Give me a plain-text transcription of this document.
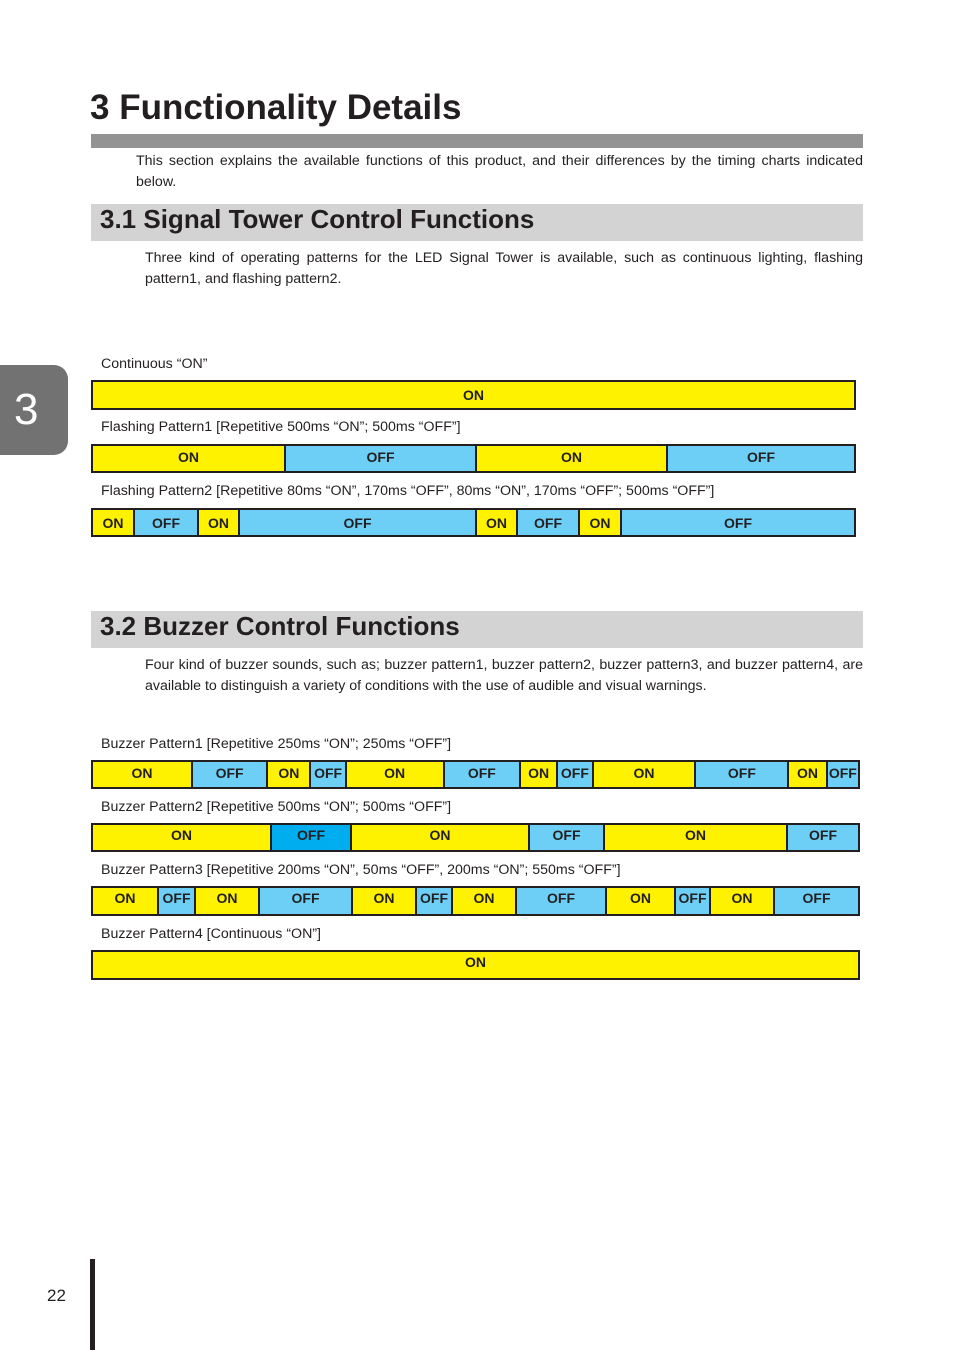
3 Functionality Details
This section explains the available functions of this product, and their differences by the timing charts indicated below.
3.1 Signal Tower Control Functions
Three kind of operating patterns for the LED Signal Tower is available, such as continuous lighting, flashing pattern1, and flashing pattern2.
3
Continuous “ON”
ON
Flashing Pattern1 [Repetitive 500ms “ON”; 500ms “OFF”]
ON	OFF	ON	OFF
Flashing Pattern2 [Repetitive 80ms “ON”, 170ms “OFF”, 80ms “ON”, 170ms “OFF”; 500ms “OFF”]
ON	OFF	ON	OFF	ON	OFF	ON	OFF
3.2 Buzzer Control Functions
Four kind of buzzer sounds, such as; buzzer pattern1, buzzer pattern2, buzzer pattern3, and buzzer pattern4, are available to distinguish a variety of conditions with the use of audible and visual warnings.
Buzzer Pattern1 [Repetitive 250ms “ON”; 250ms “OFF”]
ON	OFF	ON	OFF	ON	OFF	ON OFF	ON	OFF	ON OFF
Buzzer Pattern2 [Repetitive 500ms “ON”; 500ms “OFF”]
ON	OFF	ON	OFF	ON	OFF
Buzzer Pattern3 [Repetitive 200ms “ON”, 50ms “OFF”, 200ms “ON”; 550ms “OFF”]
ON	OFF	ON	OFF	ON	OFF	ON	OFF	ON	OFF	ON	OFF
Buzzer Pattern4 [Continuous “ON”]
ON
22
